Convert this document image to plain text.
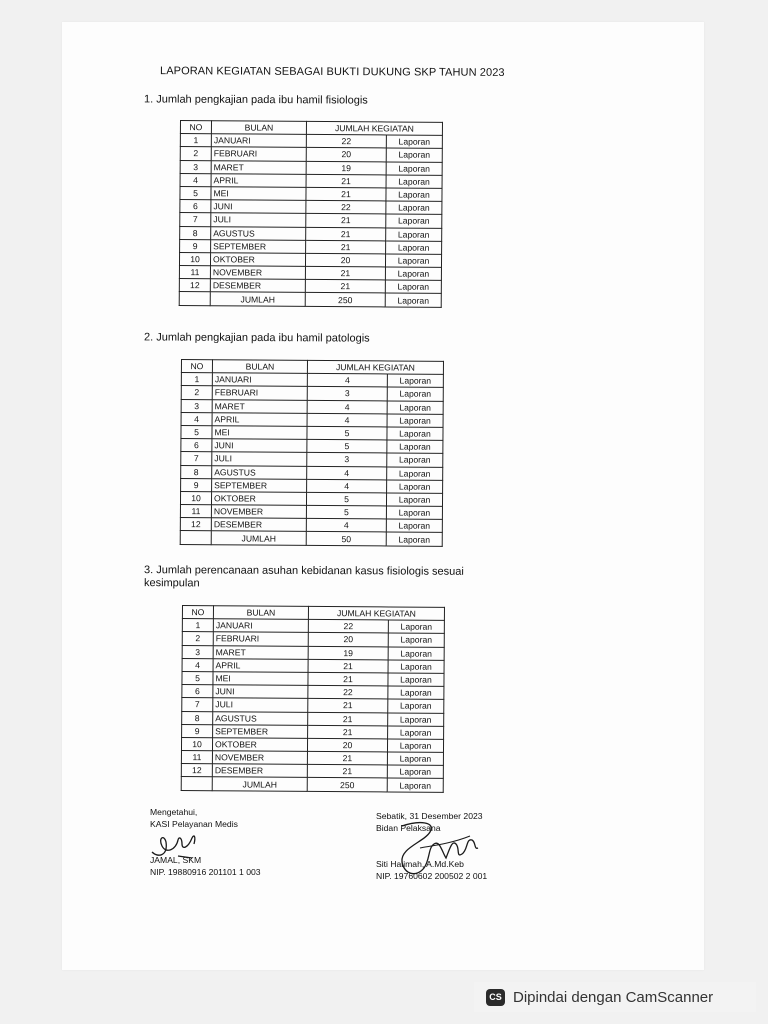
LAPORAN KEGIATAN SEBAGAI BUKTI DUKUNG SKP TAHUN 2023
1. Jumlah pengkajian pada ibu hamil fisiologis
NO	BULAN	JUMLAH KEGIATAN	
1	JANUARI	22	Laporan
2	FEBRUARI	20	Laporan
3	MARET	19	Laporan
4	APRIL	21	Laporan
5	MEI	21	Laporan
6	JUNI	22	Laporan
7	JULI	21	Laporan
8	AGUSTUS	21	Laporan
9	SEPTEMBER	21	Laporan
10	OKTOBER	20	Laporan
11	NOVEMBER	21	Laporan
12	DESEMBER	21	Laporan
	JUMLAH	250	Laporan
2. Jumlah pengkajian pada ibu hamil patologis
NO	BULAN	JUMLAH KEGIATAN	
1	JANUARI	4	Laporan
2	FEBRUARI	3	Laporan
3	MARET	4	Laporan
4	APRIL	4	Laporan
5	MEI	5	Laporan
6	JUNI	5	Laporan
7	JULI	3	Laporan
8	AGUSTUS	4	Laporan
9	SEPTEMBER	4	Laporan
10	OKTOBER	5	Laporan
11	NOVEMBER	5	Laporan
12	DESEMBER	4	Laporan
	JUMLAH	50	Laporan
3. Jumlah perencanaan asuhan kebidanan kasus fisiologis sesuai kesimpulan
NO	BULAN	JUMLAH KEGIATAN	
1	JANUARI	22	Laporan
2	FEBRUARI	20	Laporan
3	MARET	19	Laporan
4	APRIL	21	Laporan
5	MEI	21	Laporan
6	JUNI	22	Laporan
7	JULI	21	Laporan
8	AGUSTUS	21	Laporan
9	SEPTEMBER	21	Laporan
10	OKTOBER	20	Laporan
11	NOVEMBER	21	Laporan
12	DESEMBER	21	Laporan
	JUMLAH	250	Laporan
Mengetahui,
KASI Pelayanan Medis
JAMAL, SKM
NIP. 19880916 201101 1 003
Sebatik, 31 Desember 2023
Bidan Pelaksana
Siti Halimah, A.Md.Keb
NIP. 19760602 200502 2 001
CS Dipindai dengan CamScanner
